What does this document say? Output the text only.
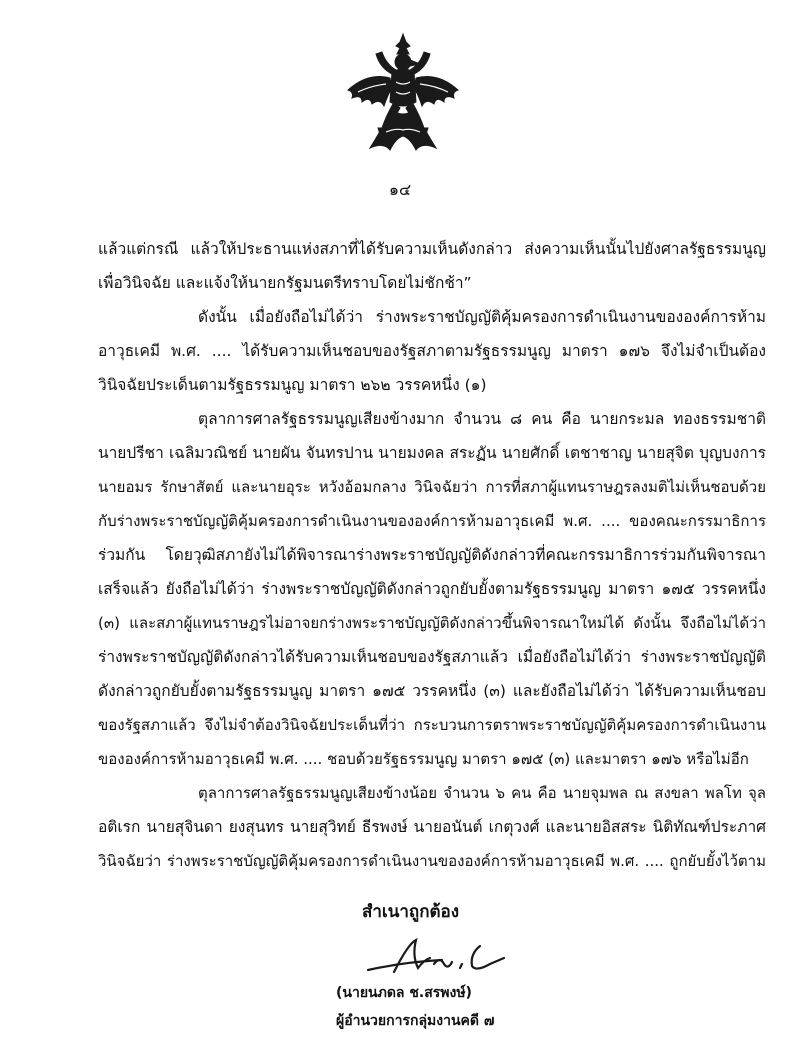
๑๔
แล้วแต่กรณี แล้วให้ประธานแห่งสภาที่ได้รับความเห็นดังกล่าว ส่งความเห็นนั้นไปยังศาลรัฐธรรมนูญ
เพื่อวินิจฉัย และแจ้งให้นายกรัฐมนตรีทราบโดยไม่ชักช้า”
ดังนั้น เมื่อยังถือไม่ได้ว่า ร่างพระราชบัญญัติคุ้มครองการดำเนินงานขององค์การห้าม
อาวุธเคมี พ.ศ. .... ได้รับความเห็นชอบของรัฐสภาตามรัฐธรรมนูญ มาตรา ๑๗๖ จึงไม่จำเป็นต้อง
วินิจฉัยประเด็นตามรัฐธรรมนูญ มาตรา ๒๖๒ วรรคหนึ่ง (๑)
ตุลาการศาลรัฐธรรมนูญเสียงข้างมาก จำนวน ๘ คน คือ นายกระมล ทองธรรมชาติ
นายปรีชา เฉลิมวณิชย์ นายผัน จันทรปาน นายมงคล สระฏัน นายศักดิ์ เตชาชาญ นายสุจิต บุญบงการ
นายอมร รักษาสัตย์ และนายอุระ หวังอ้อมกลาง วินิจฉัยว่า การที่สภาผู้แทนราษฎรลงมติไม่เห็นชอบด้วย
กับร่างพระราชบัญญัติคุ้มครองการดำเนินงานขององค์การห้ามอาวุธเคมี พ.ศ. .... ของคณะกรรมาธิการ
ร่วมกัน โดยวุฒิสภายังไม่ได้พิจารณาร่างพระราชบัญญัติดังกล่าวที่คณะกรรมาธิการร่วมกันพิจารณา
เสร็จแล้ว ยังถือไม่ได้ว่า ร่างพระราชบัญญัติดังกล่าวถูกยับยั้งตามรัฐธรรมนูญ มาตรา ๑๗๕ วรรคหนึ่ง
(๓) และสภาผู้แทนราษฎรไม่อาจยกร่างพระราชบัญญัติดังกล่าวขึ้นพิจารณาใหม่ได้ ดังนั้น จึงถือไม่ได้ว่า
ร่างพระราชบัญญัติดังกล่าวได้รับความเห็นชอบของรัฐสภาแล้ว เมื่อยังถือไม่ได้ว่า ร่างพระราชบัญญัติ
ดังกล่าวถูกยับยั้งตามรัฐธรรมนูญ มาตรา ๑๗๕ วรรคหนึ่ง (๓) และยังถือไม่ได้ว่า ได้รับความเห็นชอบ
ของรัฐสภาแล้ว จึงไม่จำต้องวินิจฉัยประเด็นที่ว่า กระบวนการตราพระราชบัญญัติคุ้มครองการดำเนินงาน
ขององค์การห้ามอาวุธเคมี พ.ศ. .... ชอบด้วยรัฐธรรมนูญ มาตรา ๑๗๕ (๓) และมาตรา ๑๗๖ หรือไม่อีก
ตุลาการศาลรัฐธรรมนูญเสียงข้างน้อย จำนวน ๖ คน คือ นายจุมพล ณ สงขลา พลโท จุล
อติเรก นายสุจินดา ยงสุนทร นายสุวิทย์ ธีรพงษ์ นายอนันต์ เกตุวงศ์ และนายอิสสระ นิติทัณฑ์ประภาศ
วินิจฉัยว่า ร่างพระราชบัญญัติคุ้มครองการดำเนินงานขององค์การห้ามอาวุธเคมี พ.ศ. .... ถูกยับยั้งไว้ตาม
สำเนาถูกต้อง
(นายนภดล ช.สรพงษ์)
ผู้อำนวยการกลุ่มงานคดี ๗
